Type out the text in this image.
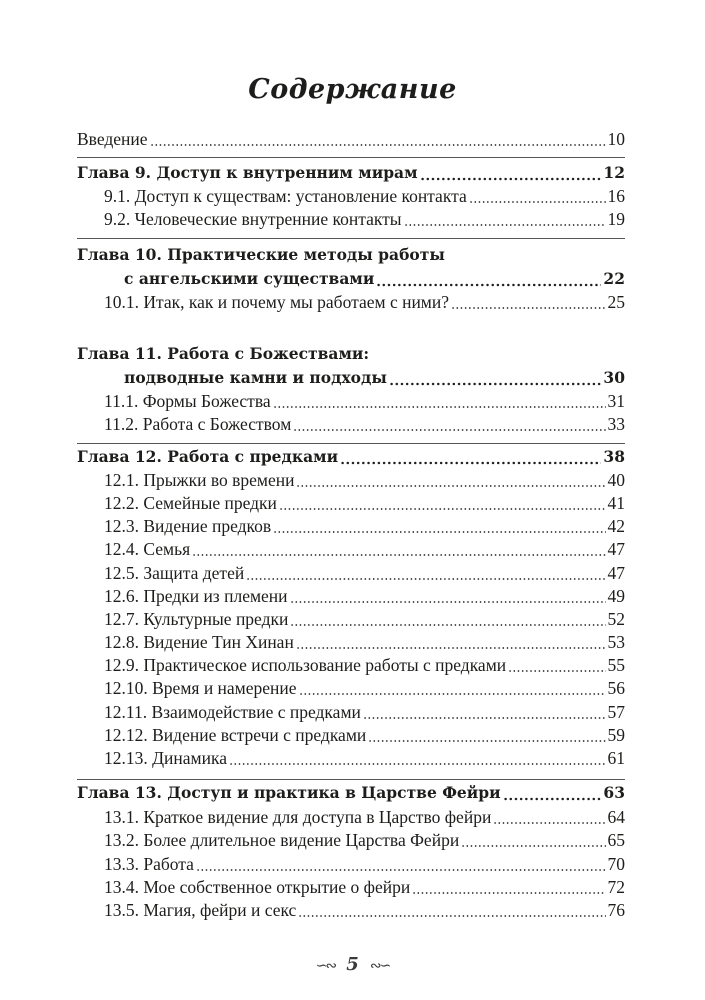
Содержание
Введение	10
Глава 9. Доступ к внутренним мирам	12
9.1. Доступ к существам: установление контакта	16
9.2. Человеческие внутренние контакты	19
Глава 10. Практические методы работы
с ангельскими существами	22
10.1. Итак, как и почему мы работаем с ними?	25
Глава 11. Работа с Божествами:
подводные камни и подходы	30
11.1. Формы Божества	31
11.2. Работа с Божеством	33
Глава 12. Работа с предками	38
12.1. Прыжки во времени	40
12.2. Семейные предки	41
12.3. Видение предков	42
12.4. Семья	47
12.5. Защита детей	47
12.6. Предки из племени	49
12.7. Культурные предки	52
12.8. Видение Тин Хинан	53
12.9. Практическое использование работы с предками	55
12.10. Время и намерение	56
12.11. Взаимодействие с предками	57
12.12. Видение встречи с предками	59
12.13. Динамика	61
Глава 13. Доступ и практика в Царстве Фейри	63
13.1. Краткое видение для доступа в Царство фейри	64
13.2. Более длительное видение Царства Фейри	65
13.3. Работа	70
13.4. Мое собственное открытие о фейри	72
13.5. Магия, фейри и секс	76
∽∾ 5 ∾∽
